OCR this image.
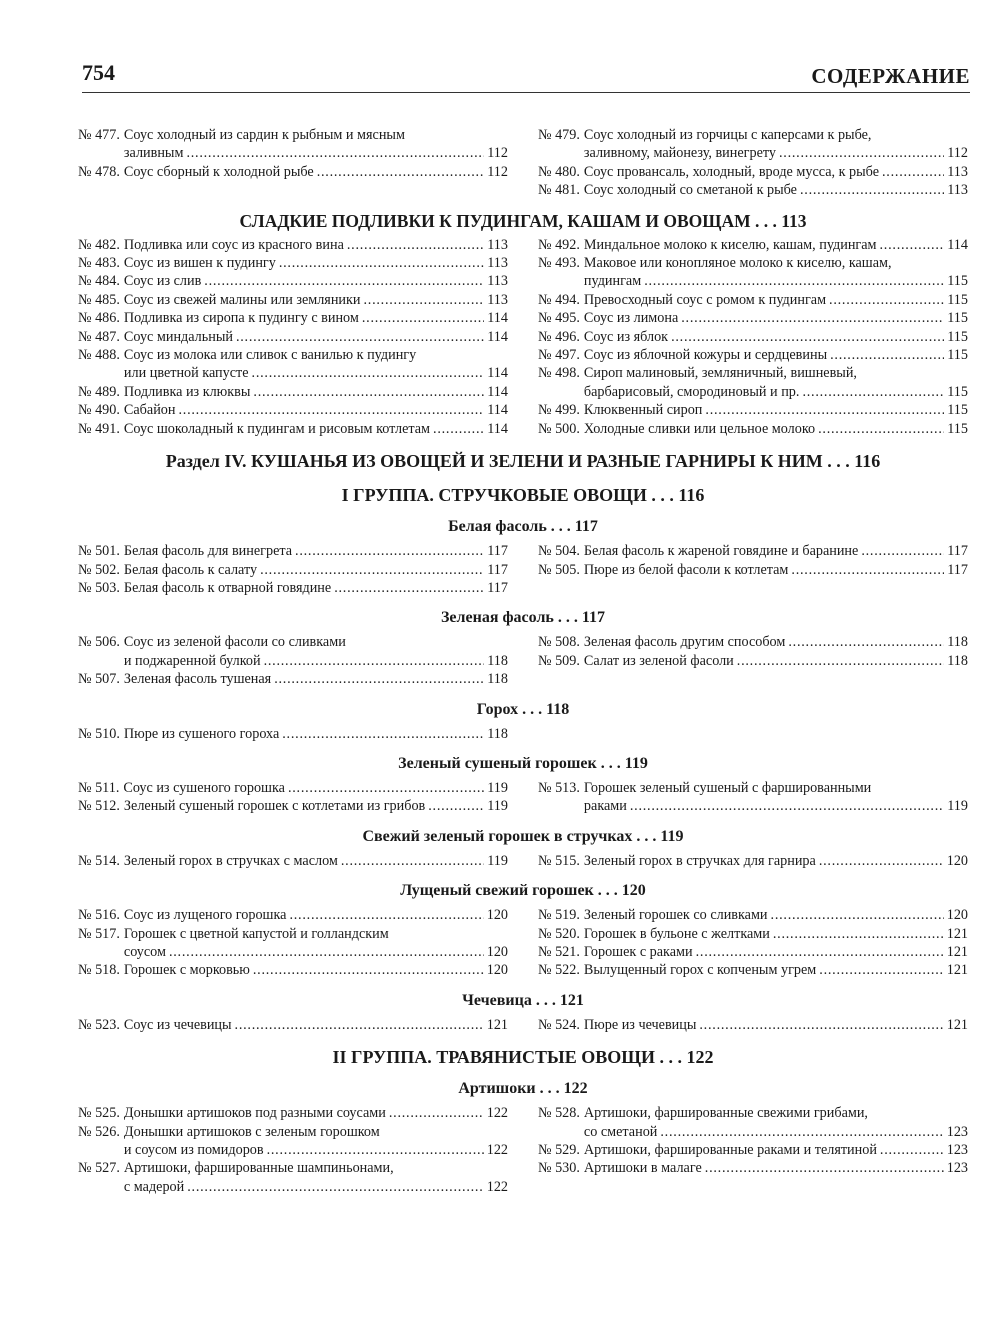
754	СОДЕРЖАНИЕ
№ 477. Соус холодный из сардин к рыбным и мясным
заливным . . .	112
№ 478. Соус сборный к холодной рыбе . . .	112
№ 479. Соус холодный из горчицы с каперсами к рыбе,
заливному, майонезу, винегрету . . .	112
№ 480. Соус провансаль, холодный, вроде мусса, к рыбе . . .	113
№ 481. Соус холодный со сметаной к рыбе . . .	113
СЛАДКИЕ ПОДЛИВКИ К ПУДИНГАМ, КАШАМ И ОВОЩАМ . . . 113
№ 482. Подливка или соус из красного вина . . .	113
№ 483. Соус из вишен к пудингу . . .	113
№ 484. Соус из слив . . .	113
№ 485. Соус из свежей малины или земляники . . .	113
№ 486. Подливка из сиропа к пудингу с вином . . .	114
№ 487. Соус миндальный . . .	114
№ 488. Соус из молока или сливок с ванилью к пудингу
или цветной капусте . . .	114
№ 489. Подливка из клюквы . . .	114
№ 490. Сабайон . . .	114
№ 491. Соус шоколадный к пудингам и рисовым котлетам . . .	114
№ 492. Миндальное молоко к киселю, кашам, пудингам . . .	114
№ 493. Маковое или конопляное молоко к киселю, кашам,
пудингам . . .	115
№ 494. Превосходный соус с ромом к пудингам . . .	115
№ 495. Соус из лимона . . .	115
№ 496. Соус из яблок . . .	115
№ 497. Соус из яблочной кожуры и сердцевины . . .	115
№ 498. Сироп малиновый, земляничный, вишневый,
барбарисовый, смородиновый и пр. . . .	115
№ 499. Клюквенный сироп . . .	115
№ 500. Холодные сливки или цельное молоко . . .	115
Раздел IV. КУШАНЬЯ ИЗ ОВОЩЕЙ И ЗЕЛЕНИ И РАЗНЫЕ ГАРНИРЫ К НИМ . . . 116
I ГРУППА. СТРУЧКОВЫЕ ОВОЩИ . . . 116
Белая фасоль . . . 117
№ 501. Белая фасоль для винегрета . . .	117
№ 502. Белая фасоль к салату . . .	117
№ 503. Белая фасоль к отварной говядине . . .	117
№ 504. Белая фасоль к жареной говядине и баранине . . .	117
№ 505. Пюре из белой фасоли к котлетам . . .	117
Зеленая фасоль . . . 117
№ 506. Соус из зеленой фасоли со сливками
и поджаренной булкой . . .	118
№ 507. Зеленая фасоль тушеная . . .	118
№ 508. Зеленая фасоль другим способом . . .	118
№ 509. Салат из зеленой фасоли . . .	118
Горох . . . 118
№ 510. Пюре из сушеного гороха . . .	118
Зеленый сушеный горошек . . . 119
№ 511. Соус из сушеного горошка . . .	119
№ 512. Зеленый сушеный горошек с котлетами из грибов . . .	119
№ 513. Горошек зеленый сушеный с фаршированными
раками . . .	119
Свежий зеленый горошек в стручках . . . 119
№ 514. Зеленый горох в стручках с маслом . . .	119 № 515. Зеленый горох в стручках для гарнира . . .	120
Лущеный свежий горошек . . . 120
№ 516. Соус из лущеного горошка . . .	120
№ 517. Горошек с цветной капустой и голландским
соусом . . .	120
№ 518. Горошек с морковью . . .	120
№ 519. Зеленый горошек со сливками . . .	120
№ 520. Горошек в бульоне с желтками . . .	121
№ 521. Горошек с раками . . .	121
№ 522. Вылущенный горох с копченым угрем . . .	121
Чечевица . . . 121
№ 523. Соус из чечевицы . . .	121 № 524. Пюре из чечевицы . . .	121
II ГРУППА. ТРАВЯНИСТЫЕ ОВОЩИ . . . 122
Артишоки . . . 122
№ 525. Донышки артишоков под разными соусами . . .	122
№ 526. Донышки артишоков с зеленым горошком
и соусом из помидоров . . .	122
№ 527. Артишоки, фаршированные шампиньонами,
с мадерой . . .	122
№ 528. Артишоки, фаршированные свежими грибами,
со сметаной . . .	123
№ 529. Артишоки, фаршированные раками и телятиной . . .	123
№ 530. Артишоки в малаге . . .	123
